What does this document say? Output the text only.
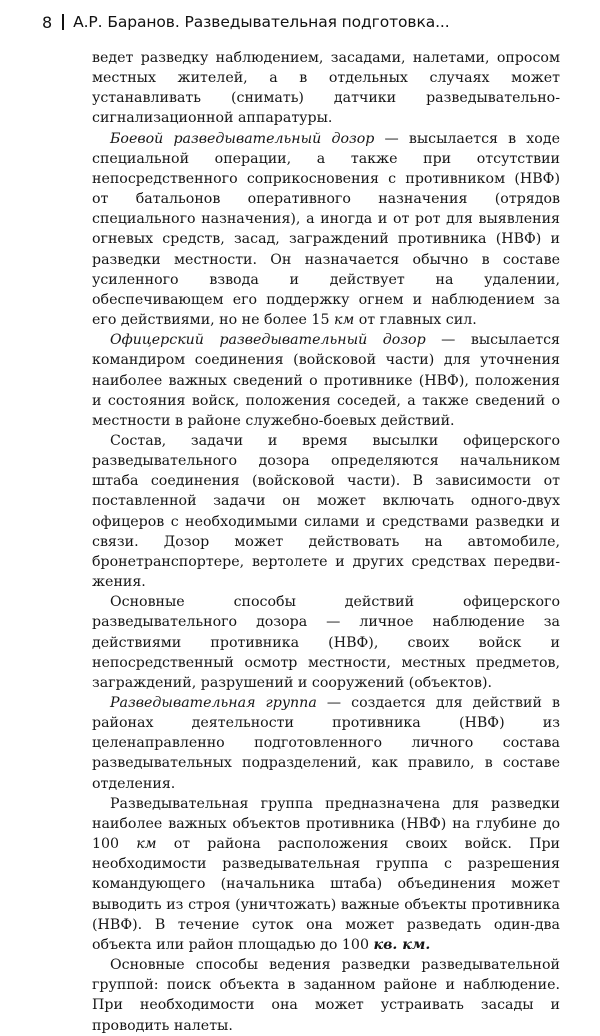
8 А.Р. Баранов. Разведывательная подготовка...

ведет разведку наблюдением, засадами, налетами, опросом местных жителей, а в отдельных случаях может устанавливать (снимать) датчики разведывательно-сигнализационной аппаратуры.

Боевой разведывательный дозор — высылается в ходе специальной операции, а также при отсутствии непосредственного соприкосновения с противником (НВФ) от батальонов оперативного назначения (отрядов специального назначения), а иногда и от рот для выявления огневых средств, засад, заграждений противника (НВФ) и разведки местности. Он назначается обычно в составе усиленного взвода и действует на удалении, обеспечивающем его поддержку огнем и наблюдением за его действиями, но не более 15 км от главных сил.

Офицерский разведывательный дозор — высылается командиром соединения (войсковой части) для уточнения наиболее важных сведений о противнике (НВФ), положения и состояния войск, положения соседей, а также сведений о местности в районе служебно-боевых действий.

Состав, задачи и время высылки офицерского разведывательного дозора определяются начальником штаба соединения (войсковой части). В зависимости от поставленной задачи он может включать одного-двух офицеров с необходимыми силами и средствами разведки и связи. Дозор может действовать на автомобиле, бронетранспортере, вертолете и других средствах передвижения.

Основные способы действий офицерского разведывательного дозора — личное наблюдение за действиями противника (НВФ), своих войск и непосредственный осмотр местности, местных предметов, заграждений, разрушений и сооружений (объектов).

Разведывательная группа — создается для действий в районах деятельности противника (НВФ) из целенаправленно подготовленного личного состава разведывательных подразделений, как правило, в составе отделения.

Разведывательная группа предназначена для разведки наиболее важных объектов противника (НВФ) на глубине до 100 км от района расположения своих войск. При необходимости разведывательная группа с разрешения командующего (начальника штаба) объединения может выводить из строя (уничтожать) важные объекты противника (НВФ). В течение суток она может разведать один-два объекта или район площадью до 100 кв. км.

Основные способы ведения разведки разведывательной группой: поиск объекта в заданном районе и наблюдение. При необходимости она может устраивать засады и проводить налеты.
